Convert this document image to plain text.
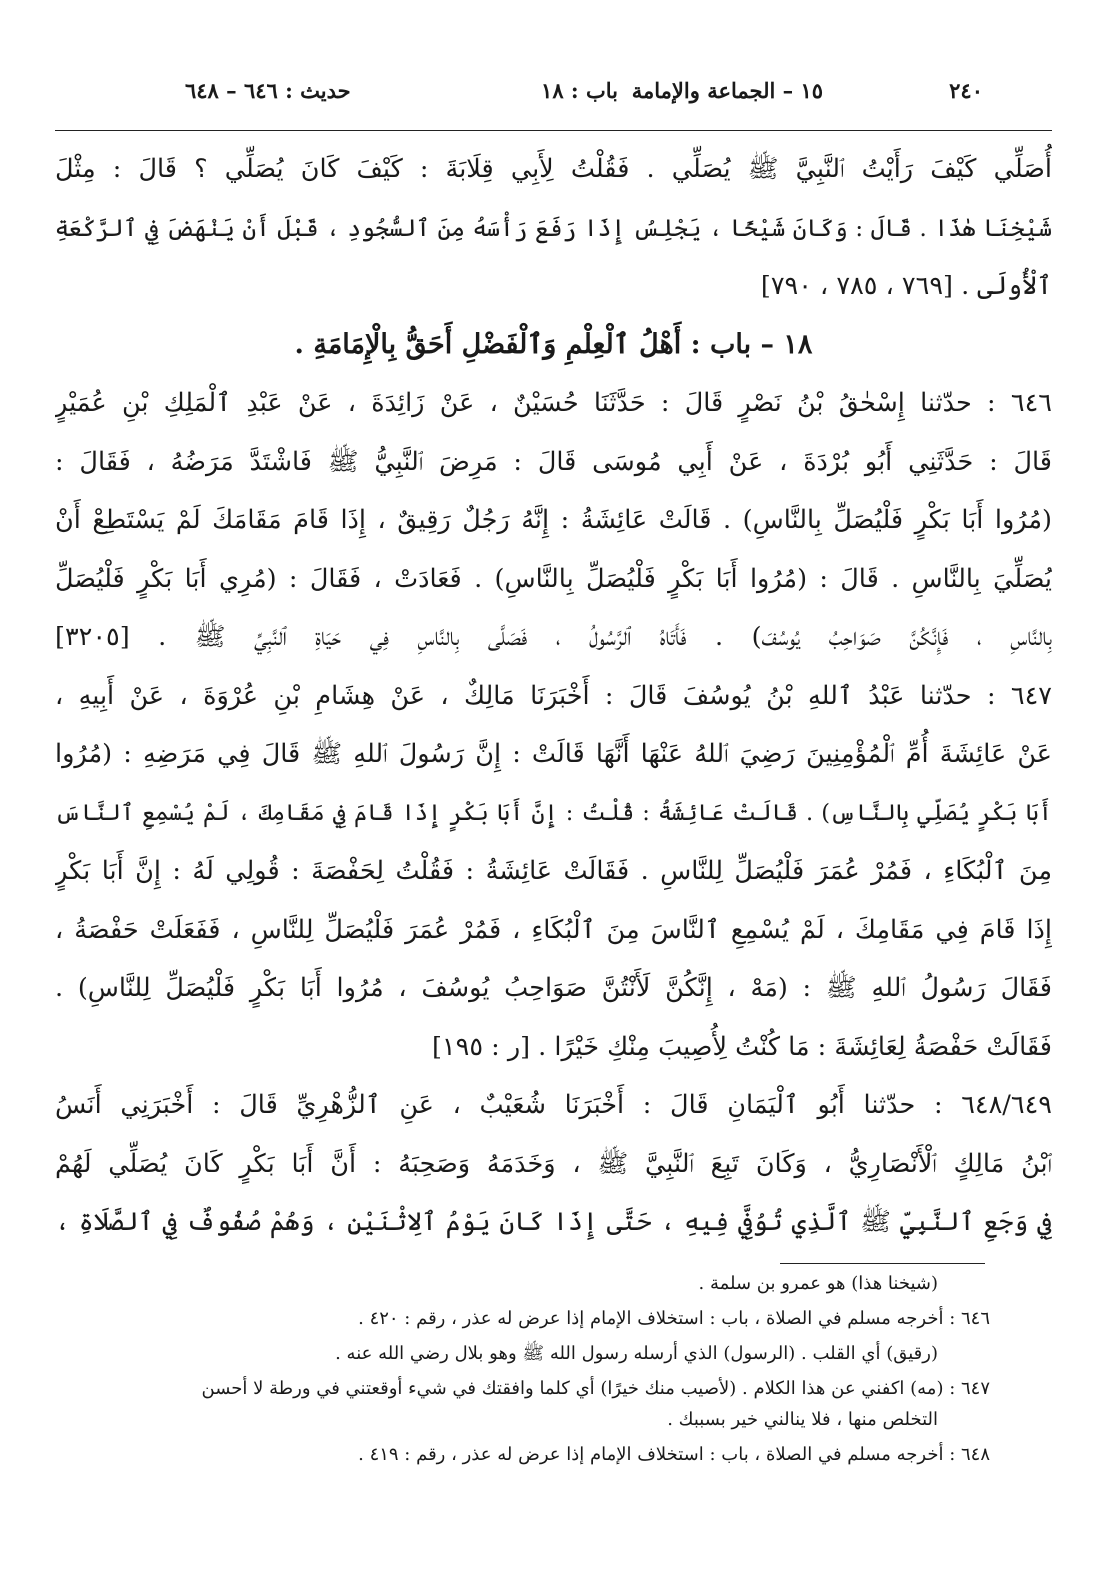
٢٤٠
١٥ – الجماعة والإمامة
باب : ١٨
حديث : ٦٤٦ – ٦٤٨
أُصَلِّي كَيْفَ رَأَيْتُ ٱلنَّبِيَّ ﷺ يُصَلِّي . فَقُلْتُ لِأَبِي قِلَابَةَ : كَيْفَ كَانَ يُصَلِّي ؟ قَالَ : مِثْلَ
شَيْخِنَا هٰذَا . قَالَ : وَكَانَ شَيْخًا ، يَجْلِسُ إِذَا رَفَعَ رَأْسَهُ مِنَ ٱلسُّجُودِ ، قَبْلَ أَنْ يَنْهَضَ فِي ٱلرَّكْعَةِ
ٱلْأُولَى . [٧٦٩ ، ٧٨٥ ، ٧٩٠]
١٨ – باب : أَهْلُ ٱلْعِلْمِ وَٱلْفَضْلِ أَحَقُّ بِالْإِمَامَةِ .
٦٤٦ : حدّثنا إِسْحٰقُ بْنُ نَصْرٍ قَالَ : حَدَّثَنَا حُسَيْنٌ ، عَنْ زَائِدَةَ ، عَنْ عَبْدِ ٱلْمَلِكِ بْنِ عُمَيْرٍ
قَالَ : حَدَّثَنِي أَبُو بُرْدَةَ ، عَنْ أَبِي مُوسَى قَالَ : مَرِضَ ٱلنَّبِيُّ ﷺ فَاشْتَدَّ مَرَضُهُ ، فَقَالَ :
(مُرُوا أَبَا بَكْرٍ فَلْيُصَلِّ بِالنَّاسِ) . قَالَتْ عَائِشَةُ : إِنَّهُ رَجُلٌ رَقِيقٌ ، إِذَا قَامَ مَقَامَكَ لَمْ يَسْتَطِعْ أَنْ
يُصَلِّيَ بِالنَّاسِ . قَالَ : (مُرُوا أَبَا بَكْرٍ فَلْيُصَلِّ بِالنَّاسِ) . فَعَادَتْ ، فَقَالَ : (مُرِي أَبَا بَكْرٍ فَلْيُصَلِّ
بِالنَّاسِ ، فَإِنَّكُنَّ صَوَاحِبُ يُوسُفَ) . فَأَتَاهُ ٱلرَّسُولُ ، فَصَلَّى بِالنَّاسِ فِي حَيَاةِ ٱلنَّبِيِّ ﷺ . [٣٢٠٥]
٦٤٧ : حدّثنا عَبْدُ ٱللهِ بْنُ يُوسُفَ قَالَ : أَخْبَرَنَا مَالِكٌ ، عَنْ هِشَامِ بْنِ عُرْوَةَ ، عَنْ أَبِيهِ ،
عَنْ عَائِشَةَ أُمِّ ٱلْمُؤْمِنِينَ رَضِيَ ٱللهُ عَنْهَا أَنَّهَا قَالَتْ : إِنَّ رَسُولَ ٱللهِ ﷺ قَالَ فِي مَرَضِهِ : (مُرُوا
أَبَا بَكْرٍ يُصَلِّي بِالنَّاسِ) . قَالَتْ عَائِشَةُ : قُلْتُ : إِنَّ أَبَا بَكْرٍ إِذَا قَامَ فِي مَقَامِكَ ، لَمْ يُسْمِعِ ٱلنَّاسَ
مِنَ ٱلْبُكَاءِ ، فَمُرْ عُمَرَ فَلْيُصَلِّ لِلنَّاسِ . فَقَالَتْ عَائِشَةُ : فَقُلْتُ لِحَفْصَةَ : قُولِي لَهُ : إِنَّ أَبَا بَكْرٍ
إِذَا قَامَ فِي مَقَامِكَ ، لَمْ يُسْمِعِ ٱلنَّاسَ مِنَ ٱلْبُكَاءِ ، فَمُرْ عُمَرَ فَلْيُصَلِّ لِلنَّاسِ ، فَفَعَلَتْ حَفْصَةُ ،
فَقَالَ رَسُولُ ٱللهِ ﷺ : (مَهْ ، إِنَّكُنَّ لَأَنْتُنَّ صَوَاحِبُ يُوسُفَ ، مُرُوا أَبَا بَكْرٍ فَلْيُصَلِّ لِلنَّاسِ) .
فَقَالَتْ حَفْصَةُ لِعَائِشَةَ : مَا كُنْتُ لِأُصِيبَ مِنْكِ خَيْرًا . [ر : ١٩٥]
٦٤٨/٦٤٩ : حدّثنا أَبُو ٱلْيَمَانِ قَالَ : أَخْبَرَنَا شُعَيْبٌ ، عَنِ ٱلزُّهْرِيِّ قَالَ : أَخْبَرَنِي أَنَسُ
ٱبْنُ مَالِكٍ ٱلْأَنْصَارِيُّ ، وَكَانَ تَبِعَ ٱلنَّبِيَّ ﷺ ، وَخَدَمَهُ وَصَحِبَهُ : أَنَّ أَبَا بَكْرٍ كَانَ يُصَلِّي لَهُمْ
فِي وَجَعِ ٱلنَّبِيِّ ﷺ ٱلَّذِي تُوُفِّيَ فِيهِ ، حَتَّى إِذَا كَانَ يَوْمُ ٱلِاثْنَيْنِ ، وَهُمْ صُفُوفٌ فِي ٱلصَّلَاةِ ،
(شيخنا هذا) هو عمرو بن سلمة .
٦٤٦ : أخرجه مسلم في الصلاة ، باب : استخلاف الإمام إذا عرض له عذر ، رقم : ٤٢٠ .
(رقيق) أي القلب . (الرسول) الذي أرسله رسول الله ﷺ وهو بلال رضي الله عنه .
٦٤٧ : (مه) اكفني عن هذا الكلام . (لأصيب منك خيرًا) أي كلما وافقتك في شيء أوقعتني في ورطة لا أحسن
التخلص منها ، فلا ينالني خير بسببك .
٦٤٨ : أخرجه مسلم في الصلاة ، باب : استخلاف الإمام إذا عرض له عذر ، رقم : ٤١٩ .
